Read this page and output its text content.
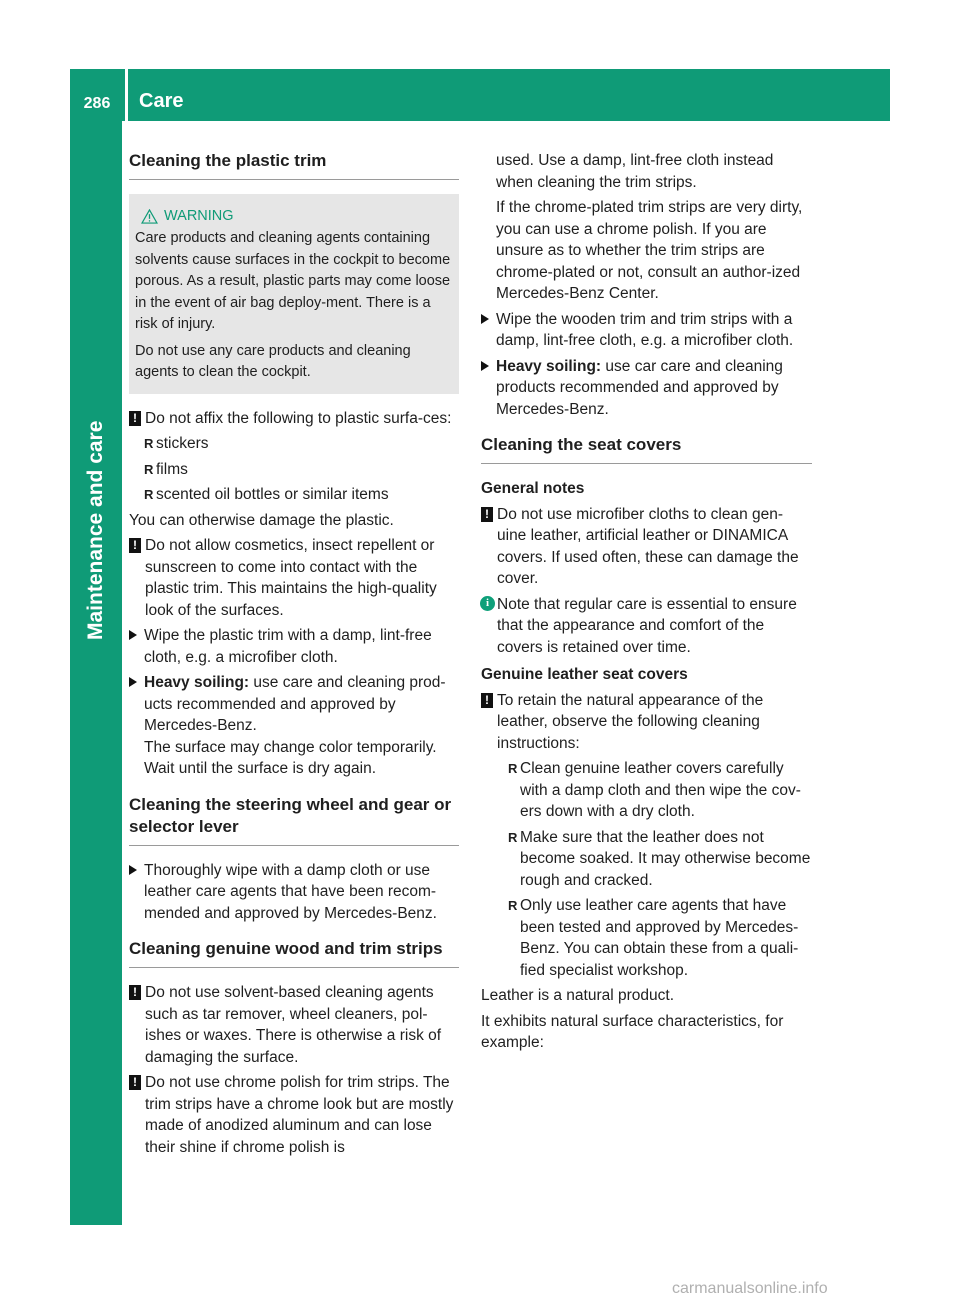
286	Care
Maintenance and care
Cleaning the plastic trim
WARNING

Care products and cleaning agents containing solvents cause surfaces in the cockpit to become porous. As a result, plastic parts may come loose in the event of air bag deploy-ment. There is a risk of injury.

Do not use any care products and cleaning agents to clean the cockpit.

! Do not affix the following to plastic surfa-ces:
R stickers
R films
R scented oil bottles or similar items

You can otherwise damage the plastic.

! Do not allow cosmetics, insect repellent or sunscreen to come into contact with the plastic trim. This maintains the high-quality look of the surfaces.
Wipe the plastic trim with a damp, lint-free cloth, e.g. a microfiber cloth.
Heavy soiling: use care and cleaning prod-ucts recommended and approved by Mercedes-Benz.
The surface may change color temporarily.
Wait until the surface is dry again.
Cleaning the steering wheel and gear or selector lever
Thoroughly wipe with a damp cloth or use leather care agents that have been recom-mended and approved by Mercedes-Benz.
Cleaning genuine wood and trim strips
! Do not use solvent-based cleaning agents such as tar remover, wheel cleaners, pol-ishes or waxes. There is otherwise a risk of damaging the surface.
! Do not use chrome polish for trim strips. The trim strips have a chrome look but are mostly made of anodized aluminum and can lose their shine if chrome polish is

used. Use a damp, lint-free cloth instead when cleaning the trim strips.

If the chrome-plated trim strips are very dirty, you can use a chrome polish. If you are unsure as to whether the trim strips are chrome-plated or not, consult an author-ized Mercedes-Benz Center.

Wipe the wooden trim and trim strips with a damp, lint-free cloth, e.g. a microfiber cloth.
Heavy soiling: use car care and cleaning products recommended and approved by Mercedes-Benz.
Cleaning the seat covers
General notes
! Do not use microfiber cloths to clean gen-uine leather, artificial leather or DINAMICA covers. If used often, these can damage the cover.
i Note that regular care is essential to ensure that the appearance and comfort of the covers is retained over time.
Genuine leather seat covers
! To retain the natural appearance of the leather, observe the following cleaning instructions:
R Clean genuine leather covers carefully with a damp cloth and then wipe the cov-ers down with a dry cloth.
R Make sure that the leather does not become soaked. It may otherwise become rough and cracked.
R Only use leather care agents that have been tested and approved by Mercedes-Benz. You can obtain these from a quali-fied specialist workshop.

Leather is a natural product.

It exhibits natural surface characteristics, for example:

carmanualsonline.info
